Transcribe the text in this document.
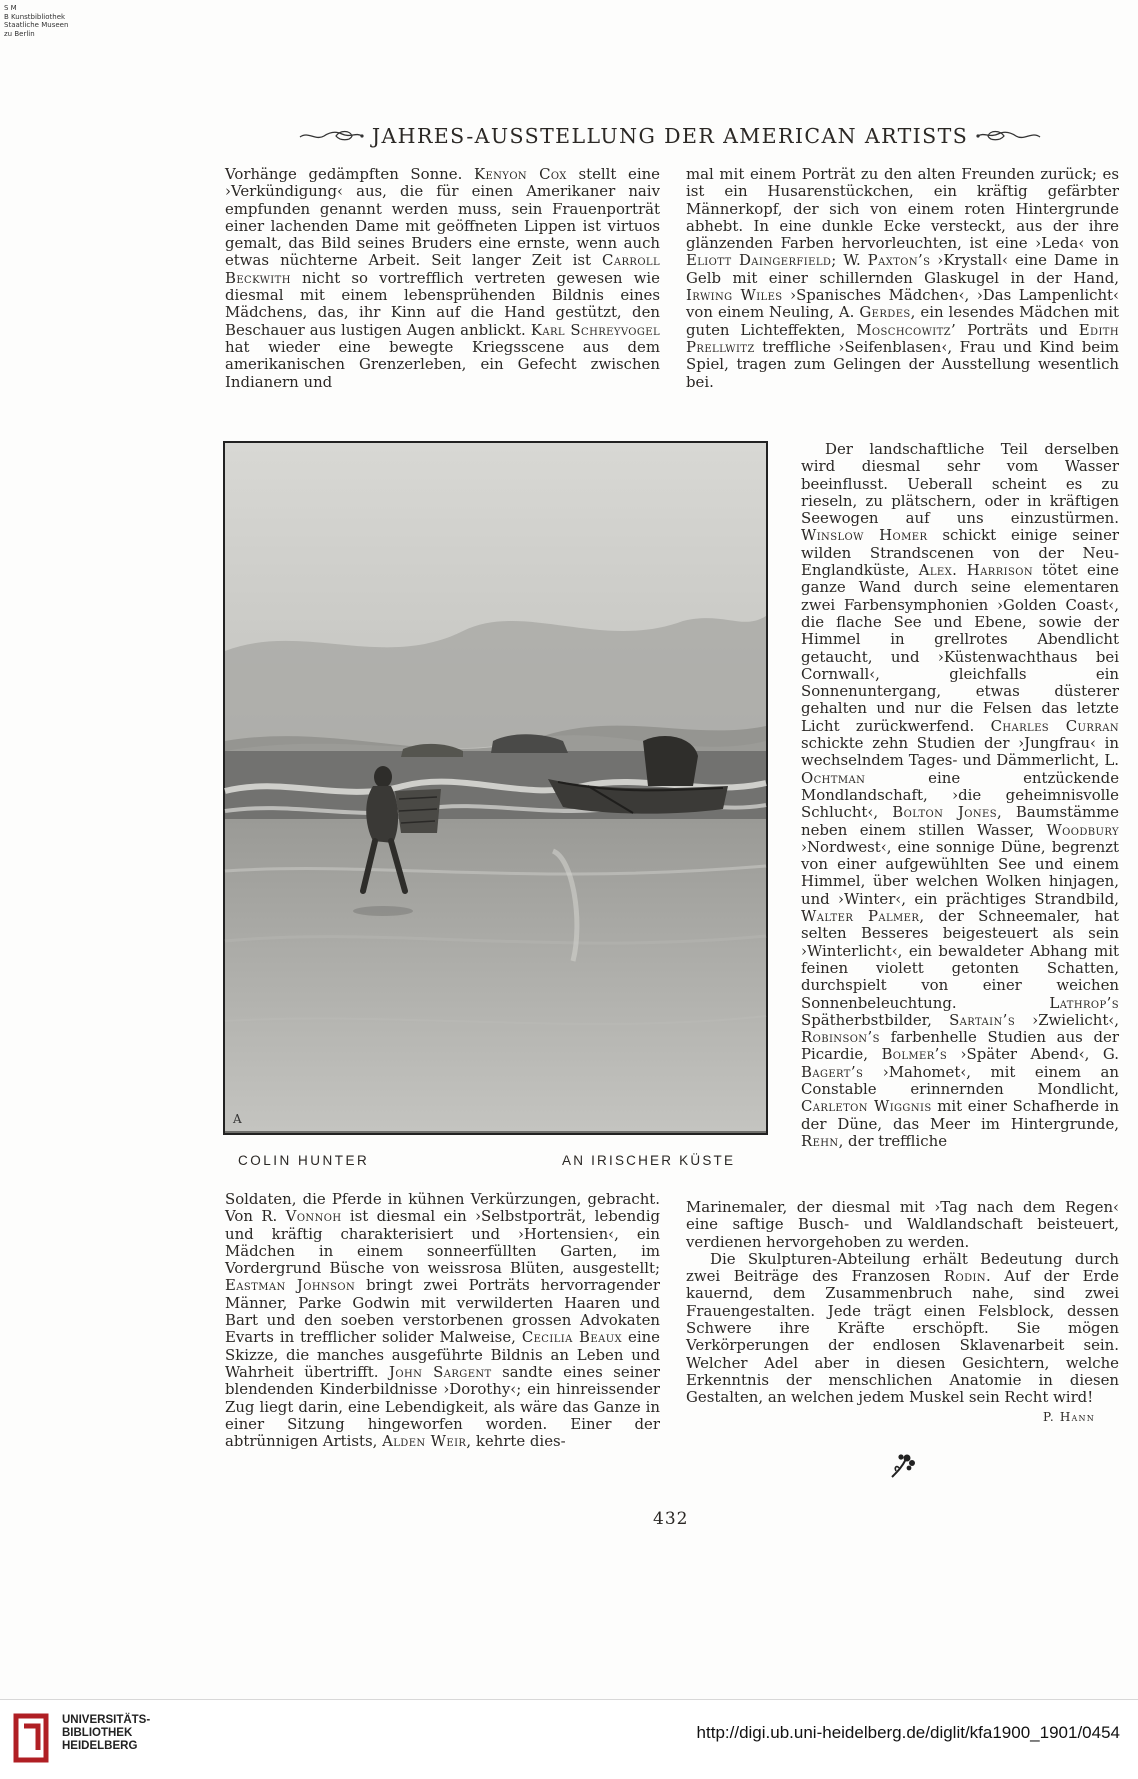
S M
B Kunstbibliothek
Staatliche Museen
zu Berlin
JAHRES-AUSSTELLUNG DER AMERICAN ARTISTS

Vorhänge gedämpften Sonne. Kenyon Cox stellt eine ›Verkündigung‹ aus, die für einen Amerikaner naiv empfunden genannt werden muss, sein Frauenporträt einer lachenden Dame mit geöffneten Lippen ist virtuos gemalt, das Bild seines Bruders eine ernste, wenn auch etwas nüchterne Arbeit. Seit langer Zeit ist Carroll Beckwith nicht so vortrefflich vertreten gewesen wie diesmal mit einem lebensprühenden Bildnis eines Mädchens, das, ihr Kinn auf die Hand gestützt, den Beschauer aus lustigen Augen anblickt. Karl Schreyvogel hat wieder eine bewegte Kriegsscene aus dem amerikanischen Grenzerleben, ein Gefecht zwischen Indianern und

A
COLIN HUNTER	AN IRISCHER KÜSTE

Soldaten, die Pferde in kühnen Verkürzungen, gebracht. Von R. Vonnoh ist diesmal ein ›Selbstporträt, lebendig und kräftig charakterisiert und ›Hortensien‹, ein Mädchen in einem sonneerfüllten Garten, im Vordergrund Büsche von weissrosa Blüten, ausgestellt; Eastman Johnson bringt zwei Porträts hervorragender Männer, Parke Godwin mit verwilderten Haaren und Bart und den soeben verstorbenen grossen Advokaten Evarts in trefflicher solider Malweise, Cecilia Beaux eine Skizze, die manches ausgeführte Bildnis an Leben und Wahrheit übertrifft. John Sargent sandte eines seiner blendenden Kinderbildnisse ›Dorothy‹; ein hinreissender Zug liegt darin, eine Lebendigkeit, als wäre das Ganze in einer Sitzung hingeworfen worden. Einer der abtrünnigen Artists, Alden Weir, kehrte dies-

mal mit einem Porträt zu den alten Freunden zurück; es ist ein Husarenstückchen, ein kräftig gefärbter Männerkopf, der sich von einem roten Hintergrunde abhebt. In eine dunkle Ecke versteckt, aus der ihre glänzenden Farben hervorleuchten, ist eine ›Leda‹ von Eliott Daingerfield; W. Paxton’s ›Krystall‹ eine Dame in Gelb mit einer schillernden Glaskugel in der Hand, Irwing Wiles ›Spanisches Mädchen‹, ›Das Lampenlicht‹ von einem Neuling, A. Gerdes, ein lesendes Mädchen mit guten Lichteffekten, Moschcowitz’ Porträts und Edith Prellwitz treffliche ›Seifenblasen‹, Frau und Kind beim Spiel, tragen zum Gelingen der Ausstellung wesentlich bei.

Der landschaftliche Teil derselben wird diesmal sehr vom Wasser beeinflusst. Ueberall scheint es zu rieseln, zu plätschern, oder in kräftigen Seewogen auf uns einzustürmen. Winslow Homer schickt einige seiner wilden Strandscenen von der Neu-Englandküste, Alex. Harrison tötet eine ganze Wand durch seine elementaren zwei Farbensymphonien ›Golden Coast‹, die flache See und Ebene, sowie der Himmel in grellrotes Abendlicht getaucht, und ›Küstenwachthaus bei Cornwall‹, gleichfalls ein Sonnenuntergang, etwas düsterer gehalten und nur die Felsen das letzte Licht zurückwerfend. Charles Curran schickte zehn Studien der ›Jungfrau‹ in wechselndem Tages- und Dämmerlicht, L. Ochtman eine entzückende Mondlandschaft, ›die geheimnisvolle Schlucht‹, Bolton Jones, Baumstämme neben einem stillen Wasser, Woodbury ›Nordwest‹, eine sonnige Düne, begrenzt von einer aufgewühlten See und einem Himmel, über welchen Wolken hinjagen, und ›Winter‹, ein prächtiges Strandbild, Walter Palmer, der Schneemaler, hat selten Besseres beigesteuert als sein ›Winterlicht‹, ein bewaldeter Abhang mit feinen violett getonten Schatten, durchspielt von einer weichen Sonnenbeleuchtung. Lathrop’s Spätherbstbilder, Sartain’s ›Zwielicht‹, Robinson’s farbenhelle Studien aus der Picardie, Bolmer’s ›Später Abend‹, G. Bagert’s ›Mahomet‹, mit einem an Constable erinnernden Mondlicht, Carleton Wiggnis mit einer Schafherde in der Düne, das Meer im Hintergrunde, Rehn, der treffliche

Marinemaler, der diesmal mit ›Tag nach dem Regen‹ eine saftige Busch- und Waldlandschaft beisteuert, verdienen hervorgehoben zu werden.

Die Skulpturen-Abteilung erhält Bedeutung durch zwei Beiträge des Franzosen Rodin. Auf der Erde kauernd, dem Zusammenbruch nahe, sind zwei Frauengestalten. Jede trägt einen Felsblock, dessen Schwere ihre Kräfte erschöpft. Sie mögen Verkörperungen der endlosen Sklavenarbeit sein. Welcher Adel aber in diesen Gesichtern, welche Erkenntnis der menschlichen Anatomie in diesen Gestalten, an welchen jedem Muskel sein Recht wird!

P. Hann
432
UNIVERSITÄTS-
BIBLIOTHEK
HEIDELBERG
http://digi.ub.uni-heidelberg.de/diglit/kfa1900_1901/0454
